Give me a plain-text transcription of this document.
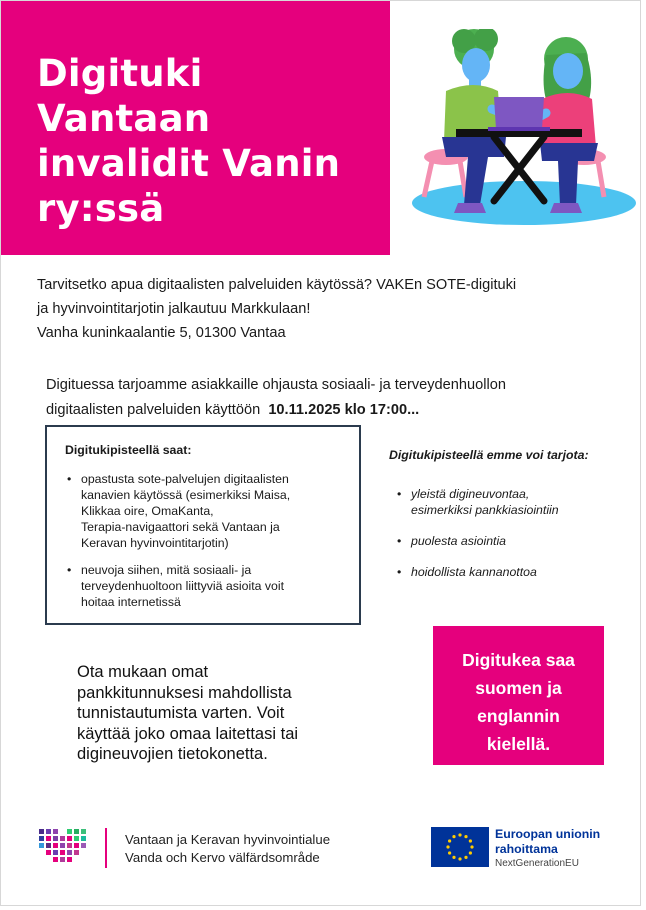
Digituki
Vantaan
invalidit Vanin
ry:ssä
Tarvitsetko apua digitaalisten palveluiden käytössä? VAKEn SOTE-digituki
ja hyvinvointitarjotin jalkautuu Markkulaan!
Vanha kuninkaalantie 5, 01300 Vantaa
Digituessa tarjoamme asiakkaille ohjausta sosiaali- ja terveydenhuollon
digitaalisten palveluiden käyttöön 10.11.2025 klo 17:00...
Digitukipisteellä saat:
• opastusta sote-palvelujen digitaalisten
kanavien käytössä (esimerkiksi Maisa,
Klikkaa oire, OmaKanta,
Terapia-navigaattori sekä Vantaan ja
Keravan hyvinvointitarjotin)
• neuvoja siihen, mitä sosiaali- ja
terveydenhuoltoon liittyviä asioita voit
hoitaa internetissä
Digitukipisteellä emme voi tarjota:
• yleistä digineuvontaa,
esimerkiksi pankkiasiointiin
• puolesta asiointia
• hoidollista kannanottoa
Ota mukaan omat
pankkitunnuksesi mahdollista
tunnistautumista varten. Voit
käyttää joko omaa laitettasi tai
digineuvojien tietokonetta.
Digitukea saa
suomen ja
englannin
kielellä.
Vantaan ja Keravan hyvinvointialue
Vanda och Kervo välfärdsområde
Euroopan unionin
rahoittama
NextGenerationEU
